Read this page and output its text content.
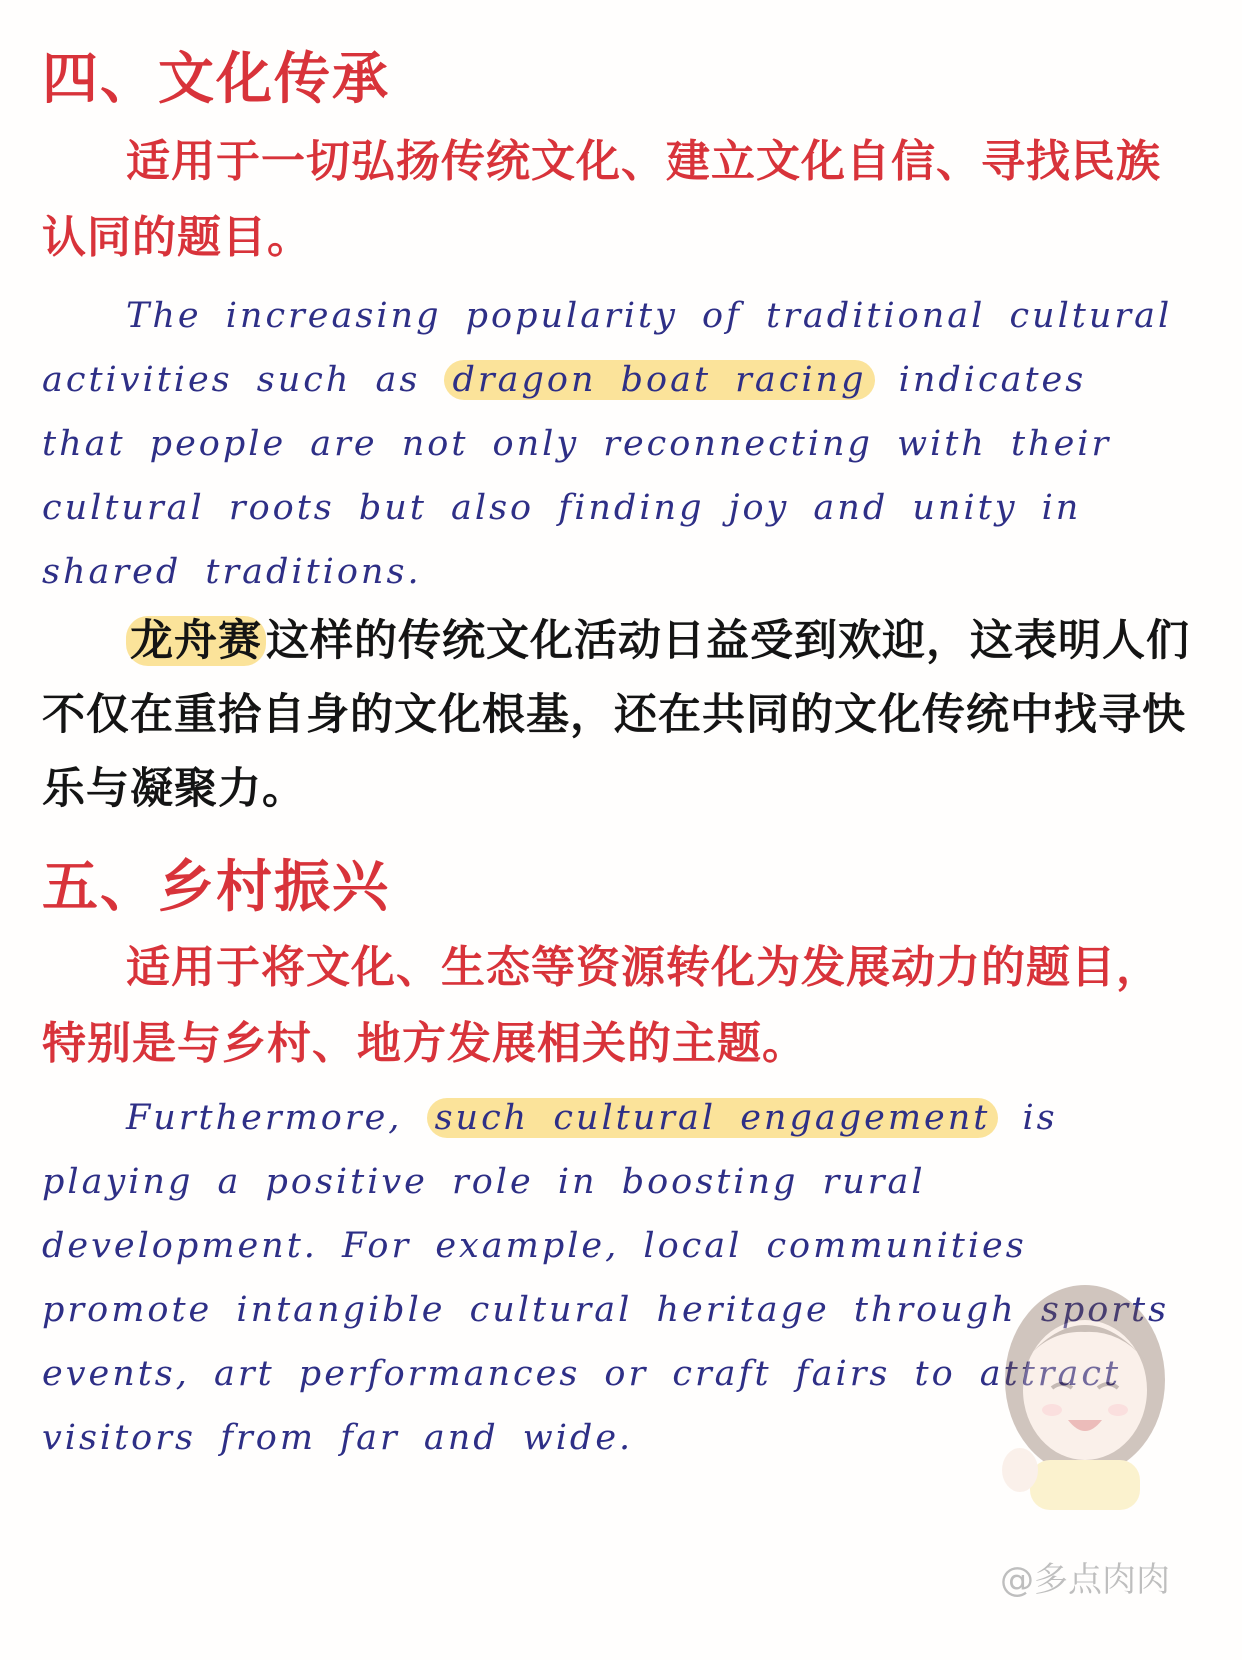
四、文化传承
适用于一切弘扬传统文化、建立文化自信、寻找民族认同的题目。
The increasing popularity of traditional cultural activities such as dragon boat racing indicates that people are not only reconnecting with their cultural roots but also finding joy and unity in shared traditions.
龙舟赛这样的传统文化活动日益受到欢迎，这表明人们不仅在重拾自身的文化根基，还在共同的文化传统中找寻快乐与凝聚力。
五、乡村振兴
适用于将文化、生态等资源转化为发展动力的题目，特别是与乡村、地方发展相关的主题。
Furthermore, such cultural engagement is playing a positive role in boosting rural development. For example, local communities promote intangible cultural heritage through sports events, art performances or craft fairs to attract visitors from far and wide.
@多点肉肉
